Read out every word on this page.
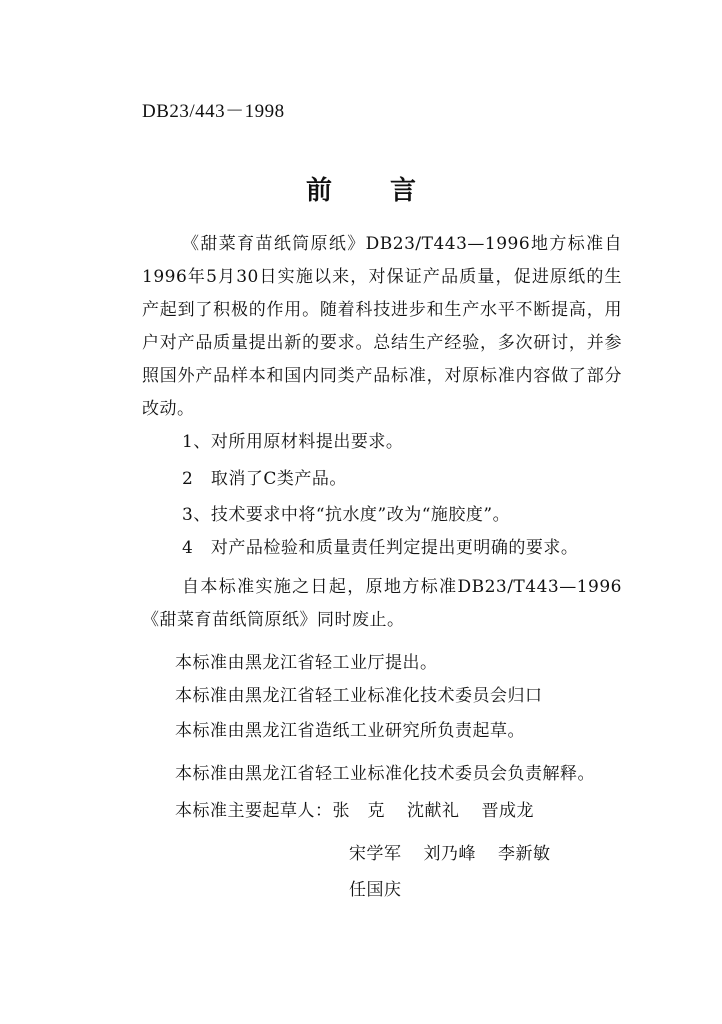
DB23/443－1998
前言
《甜菜育苗纸筒原纸》DB23/T443—1996地方标准自1996年5月30日实施以来，对保证产品质量，促进原纸的生产起到了积极的作用。随着科技进步和生产水平不断提高，用户对产品质量提出新的要求。总结生产经验，多次研讨，并参照国外产品样本和国内同类产品标准，对原标准内容做了部分改动。
1、对所用原材料提出要求。
2　取消了C类产品。
3、技术要求中将“抗水度”改为“施胶度”。
4　对产品检验和质量责任判定提出更明确的要求。
自本标准实施之日起，原地方标准DB23/T443—1996《甜菜育苗纸筒原纸》同时废止。
本标准由黑龙江省轻工业厅提出。
本标准由黑龙江省轻工业标准化技术委员会归口
本标准由黑龙江省造纸工业研究所负责起草。
本标准由黑龙江省轻工业标准化技术委员会负责解释。
本标准主要起草人：张　克 沈献礼 晋成龙
宋学军 刘乃峰 李新敏
任国庆
